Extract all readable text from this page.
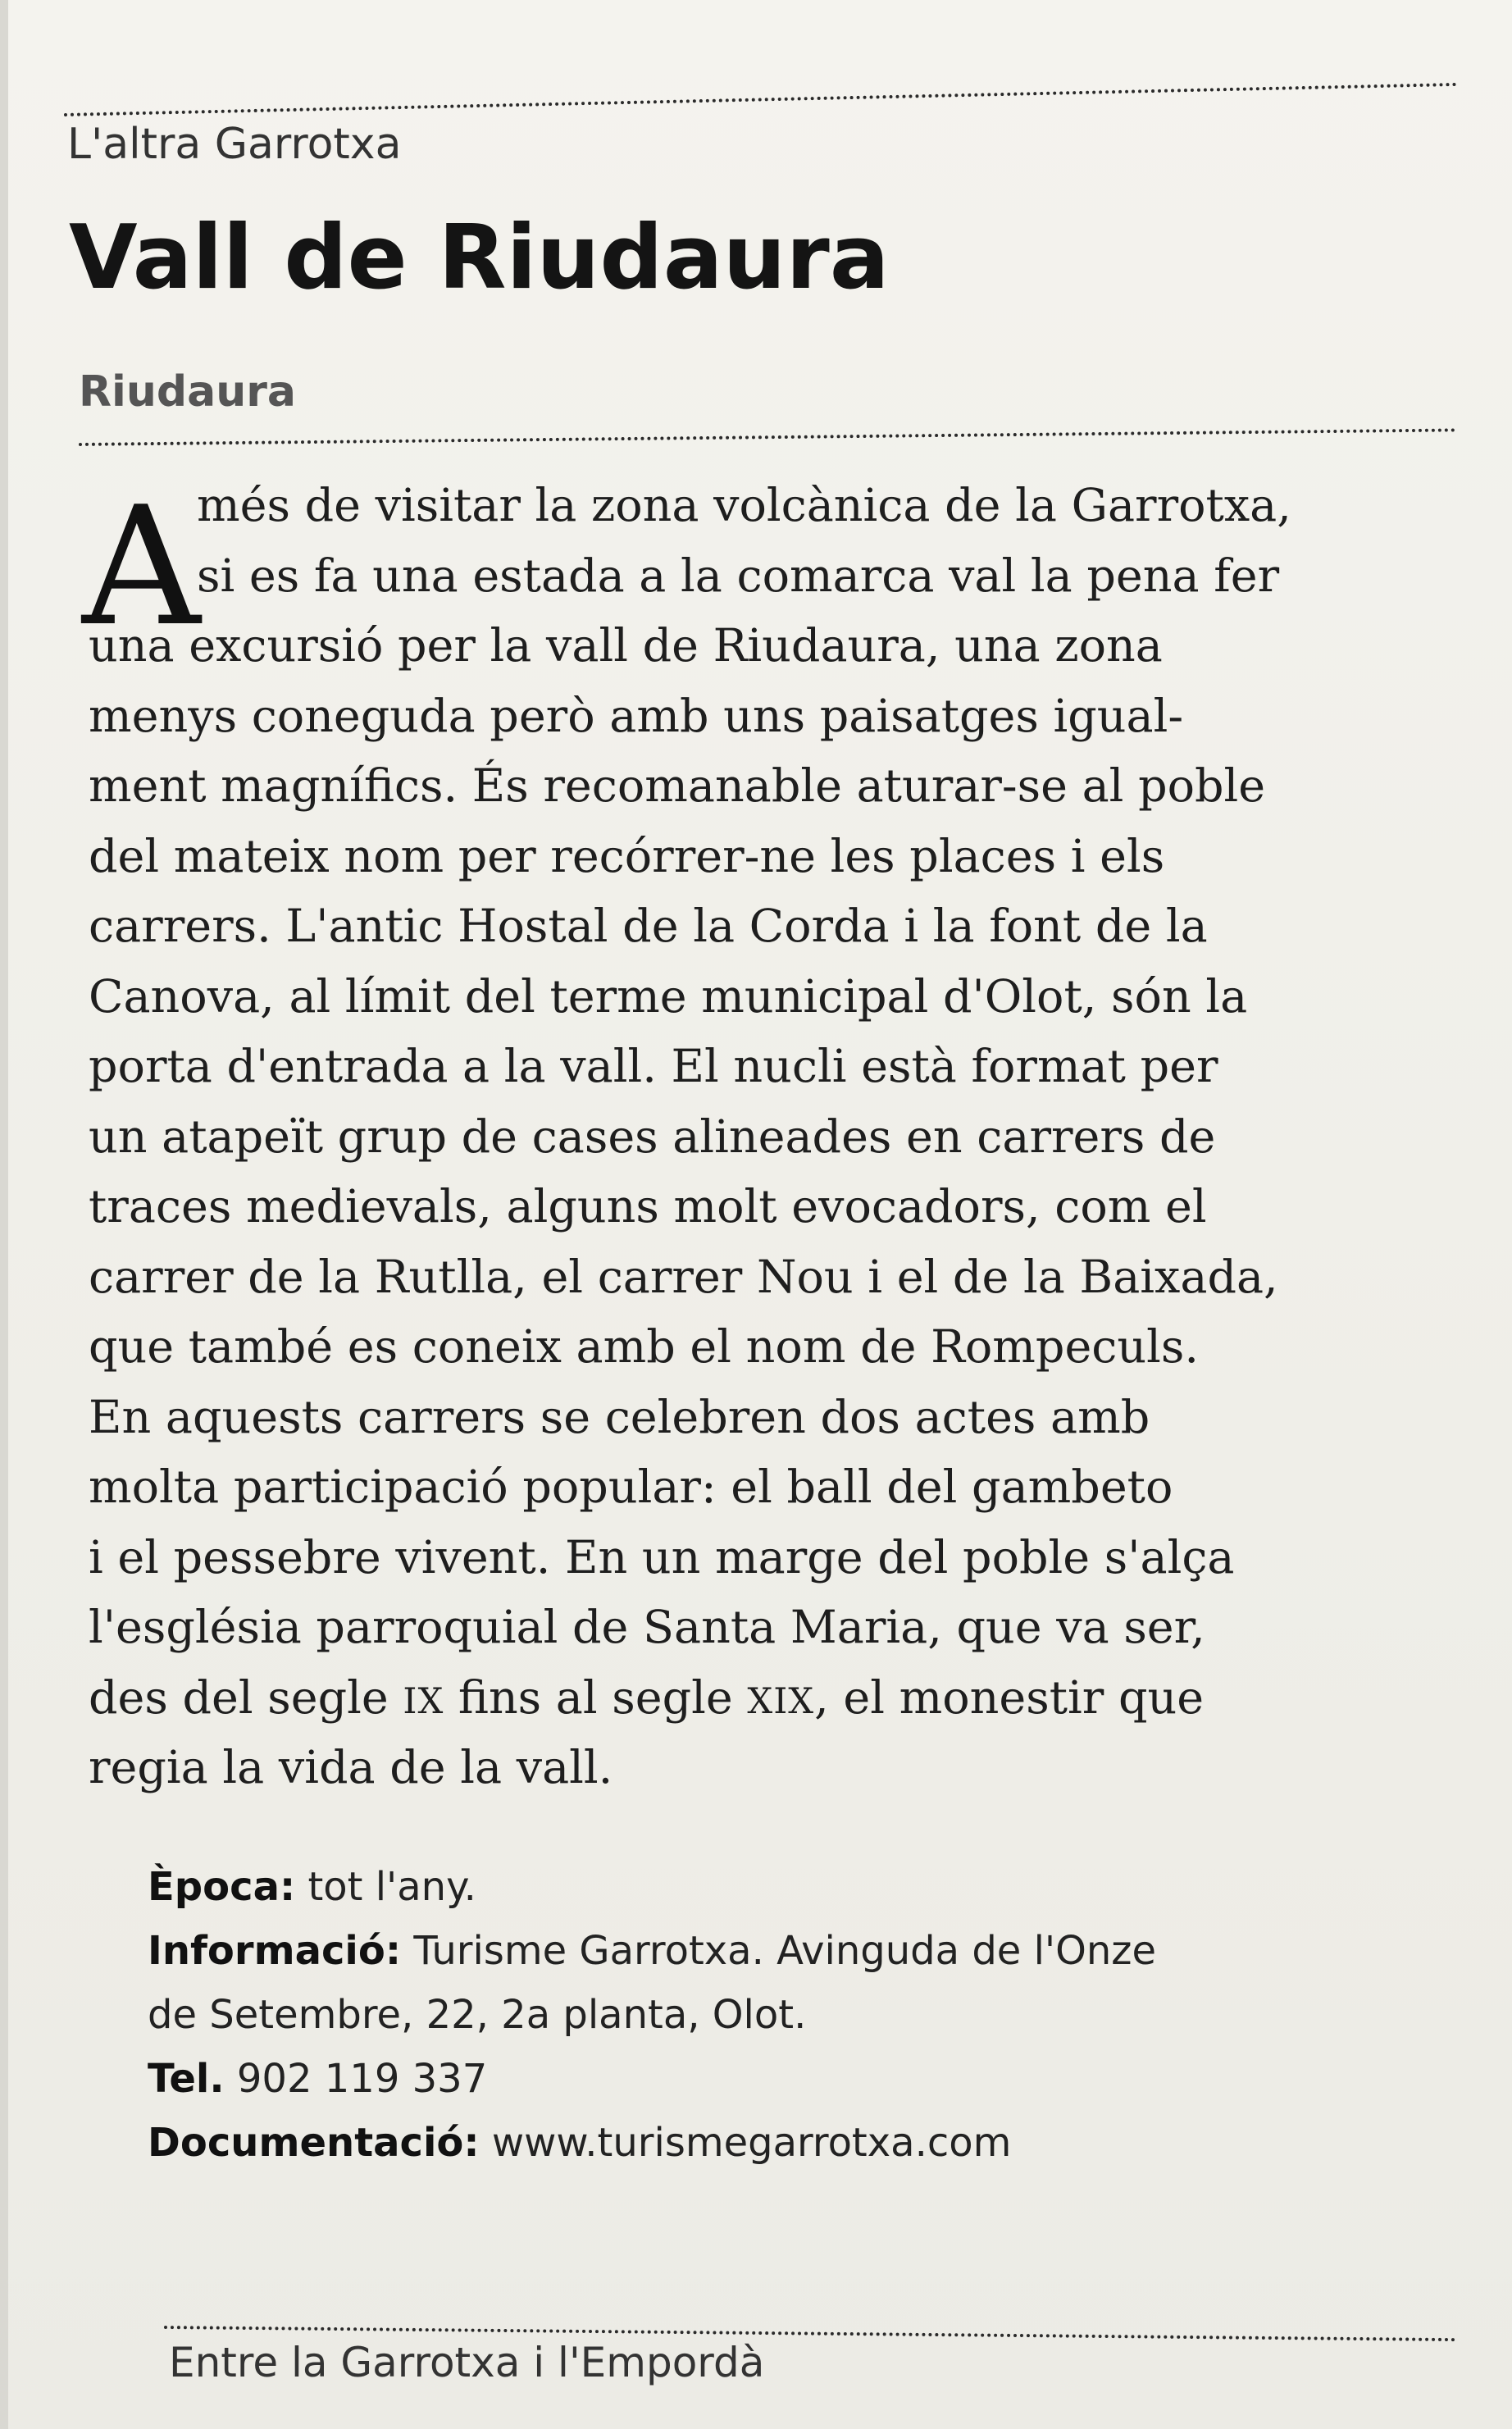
L'altra Garrotxa
Vall de Riudaura
Riudaura
A
més de visitar la zona volcànica de la Garrotxa,
si es fa una estada a la comarca val la pena fer
una excursió per la vall de Riudaura, una zona
menys coneguda però amb uns paisatges igual-
ment magnífics. És recomanable aturar-se al poble
del mateix nom per recórrer-ne les places i els
carrers. L'antic Hostal de la Corda i la font de la
Canova, al límit del terme municipal d'Olot, són la
porta d'entrada a la vall. El nucli està format per
un atapeït grup de cases alineades en carrers de
traces medievals, alguns molt evocadors, com el
carrer de la Rutlla, el carrer Nou i el de la Baixada,
que també es coneix amb el nom de Rompeculs.
En aquests carrers se celebren dos actes amb
molta participació popular: el ball del gambeto
i el pessebre vivent. En un marge del poble s'alça
l'església parroquial de Santa Maria, que va ser,
des del segle IX fins al segle XIX, el monestir que
regia la vida de la vall.
Època: tot l'any.
Informació: Turisme Garrotxa. Avinguda de l'Onze
de Setembre, 22, 2a planta, Olot.
Tel. 902 119 337
Documentació: www.turismegarrotxa.com
Entre la Garrotxa i l'Empordà
